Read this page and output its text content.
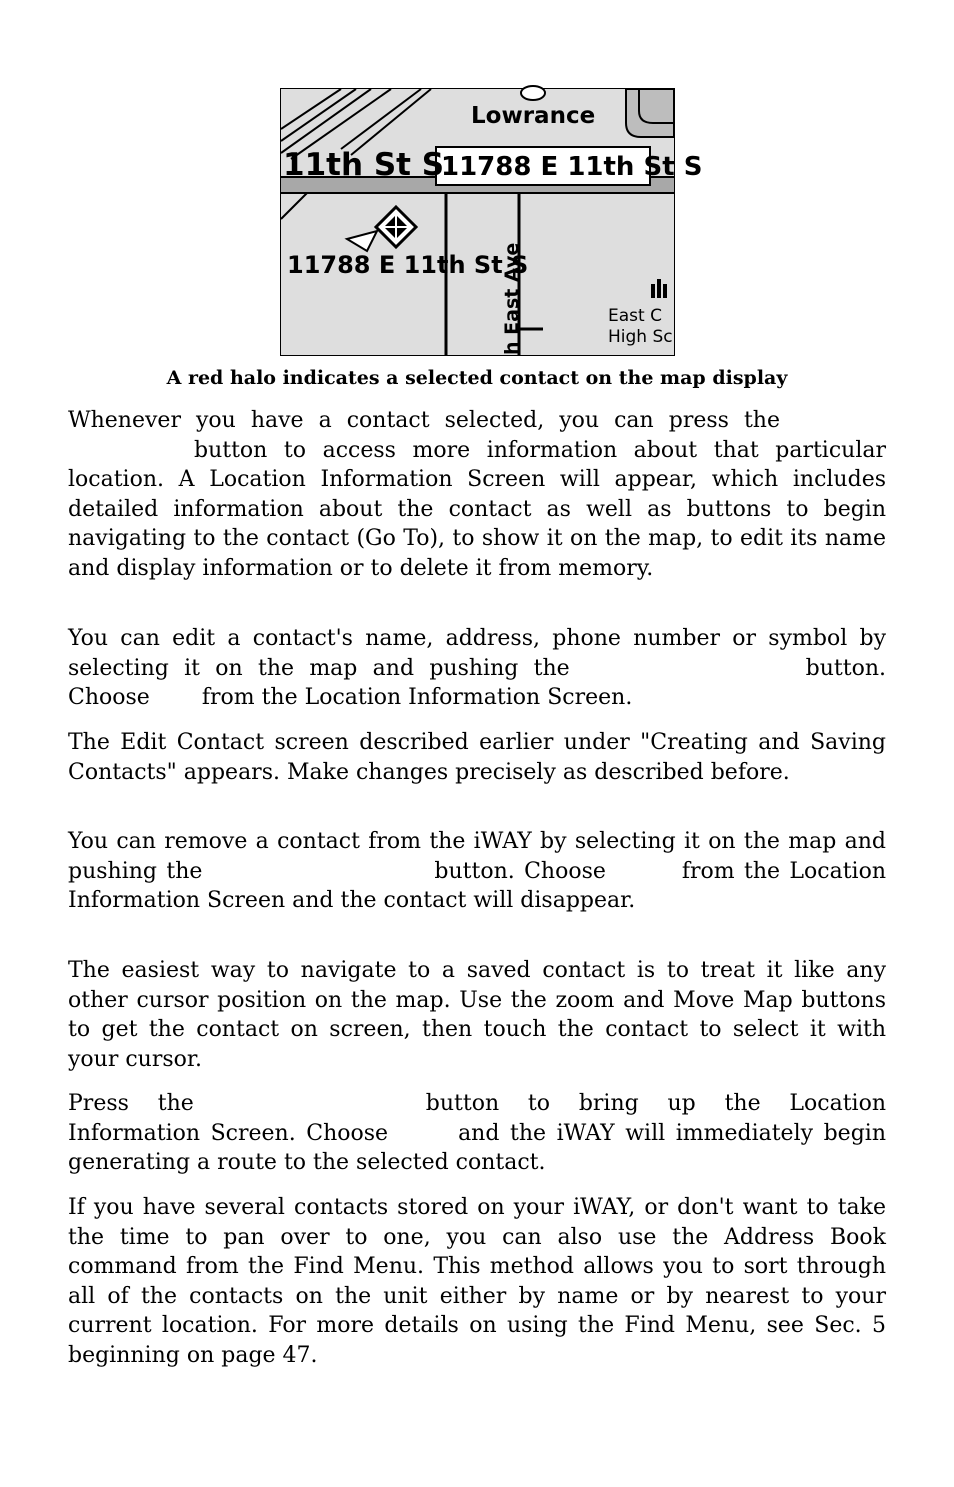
Lowrance
11th St S
11788 E 11th St S
11788 E 11th St S
h East Ave	East C
High Sc
A red halo indicates a selected contact on the map display

Whenever you have a contact selected, you can press the
button to access more information about that particular location. A Location Information Screen will appear, which includes detailed information about the contact as well as buttons to begin navigating to the contact (Go To), to show it on the map, to edit its name and display information or to delete it from memory.

You can edit a contact's name, address, phone number or symbol by selecting it on the map and pushing the	button. Choose from the Location Information Screen.

The Edit Contact screen described earlier under "Creating and Saving Contacts" appears. Make changes precisely as described before.

You can remove a contact from the iWAY by selecting it on the map and pushing the	button. Choose	from the Location Information Screen and the contact will disappear.

The easiest way to navigate to a saved contact is to treat it like any other cursor position on the map. Use the zoom and Move Map buttons to get the contact on screen, then touch the contact to select it with your cursor.

Press the	button to bring up the Location Information Screen. Choose	and the iWAY will immediately begin generating a route to the selected contact.

If you have several contacts stored on your iWAY, or don't want to take the time to pan over to one, you can also use the Address Book command from the Find Menu. This method allows you to sort through all of the contacts on the unit either by name or by nearest to your current location. For more details on using the Find Menu, see Sec. 5 beginning on page 47.
